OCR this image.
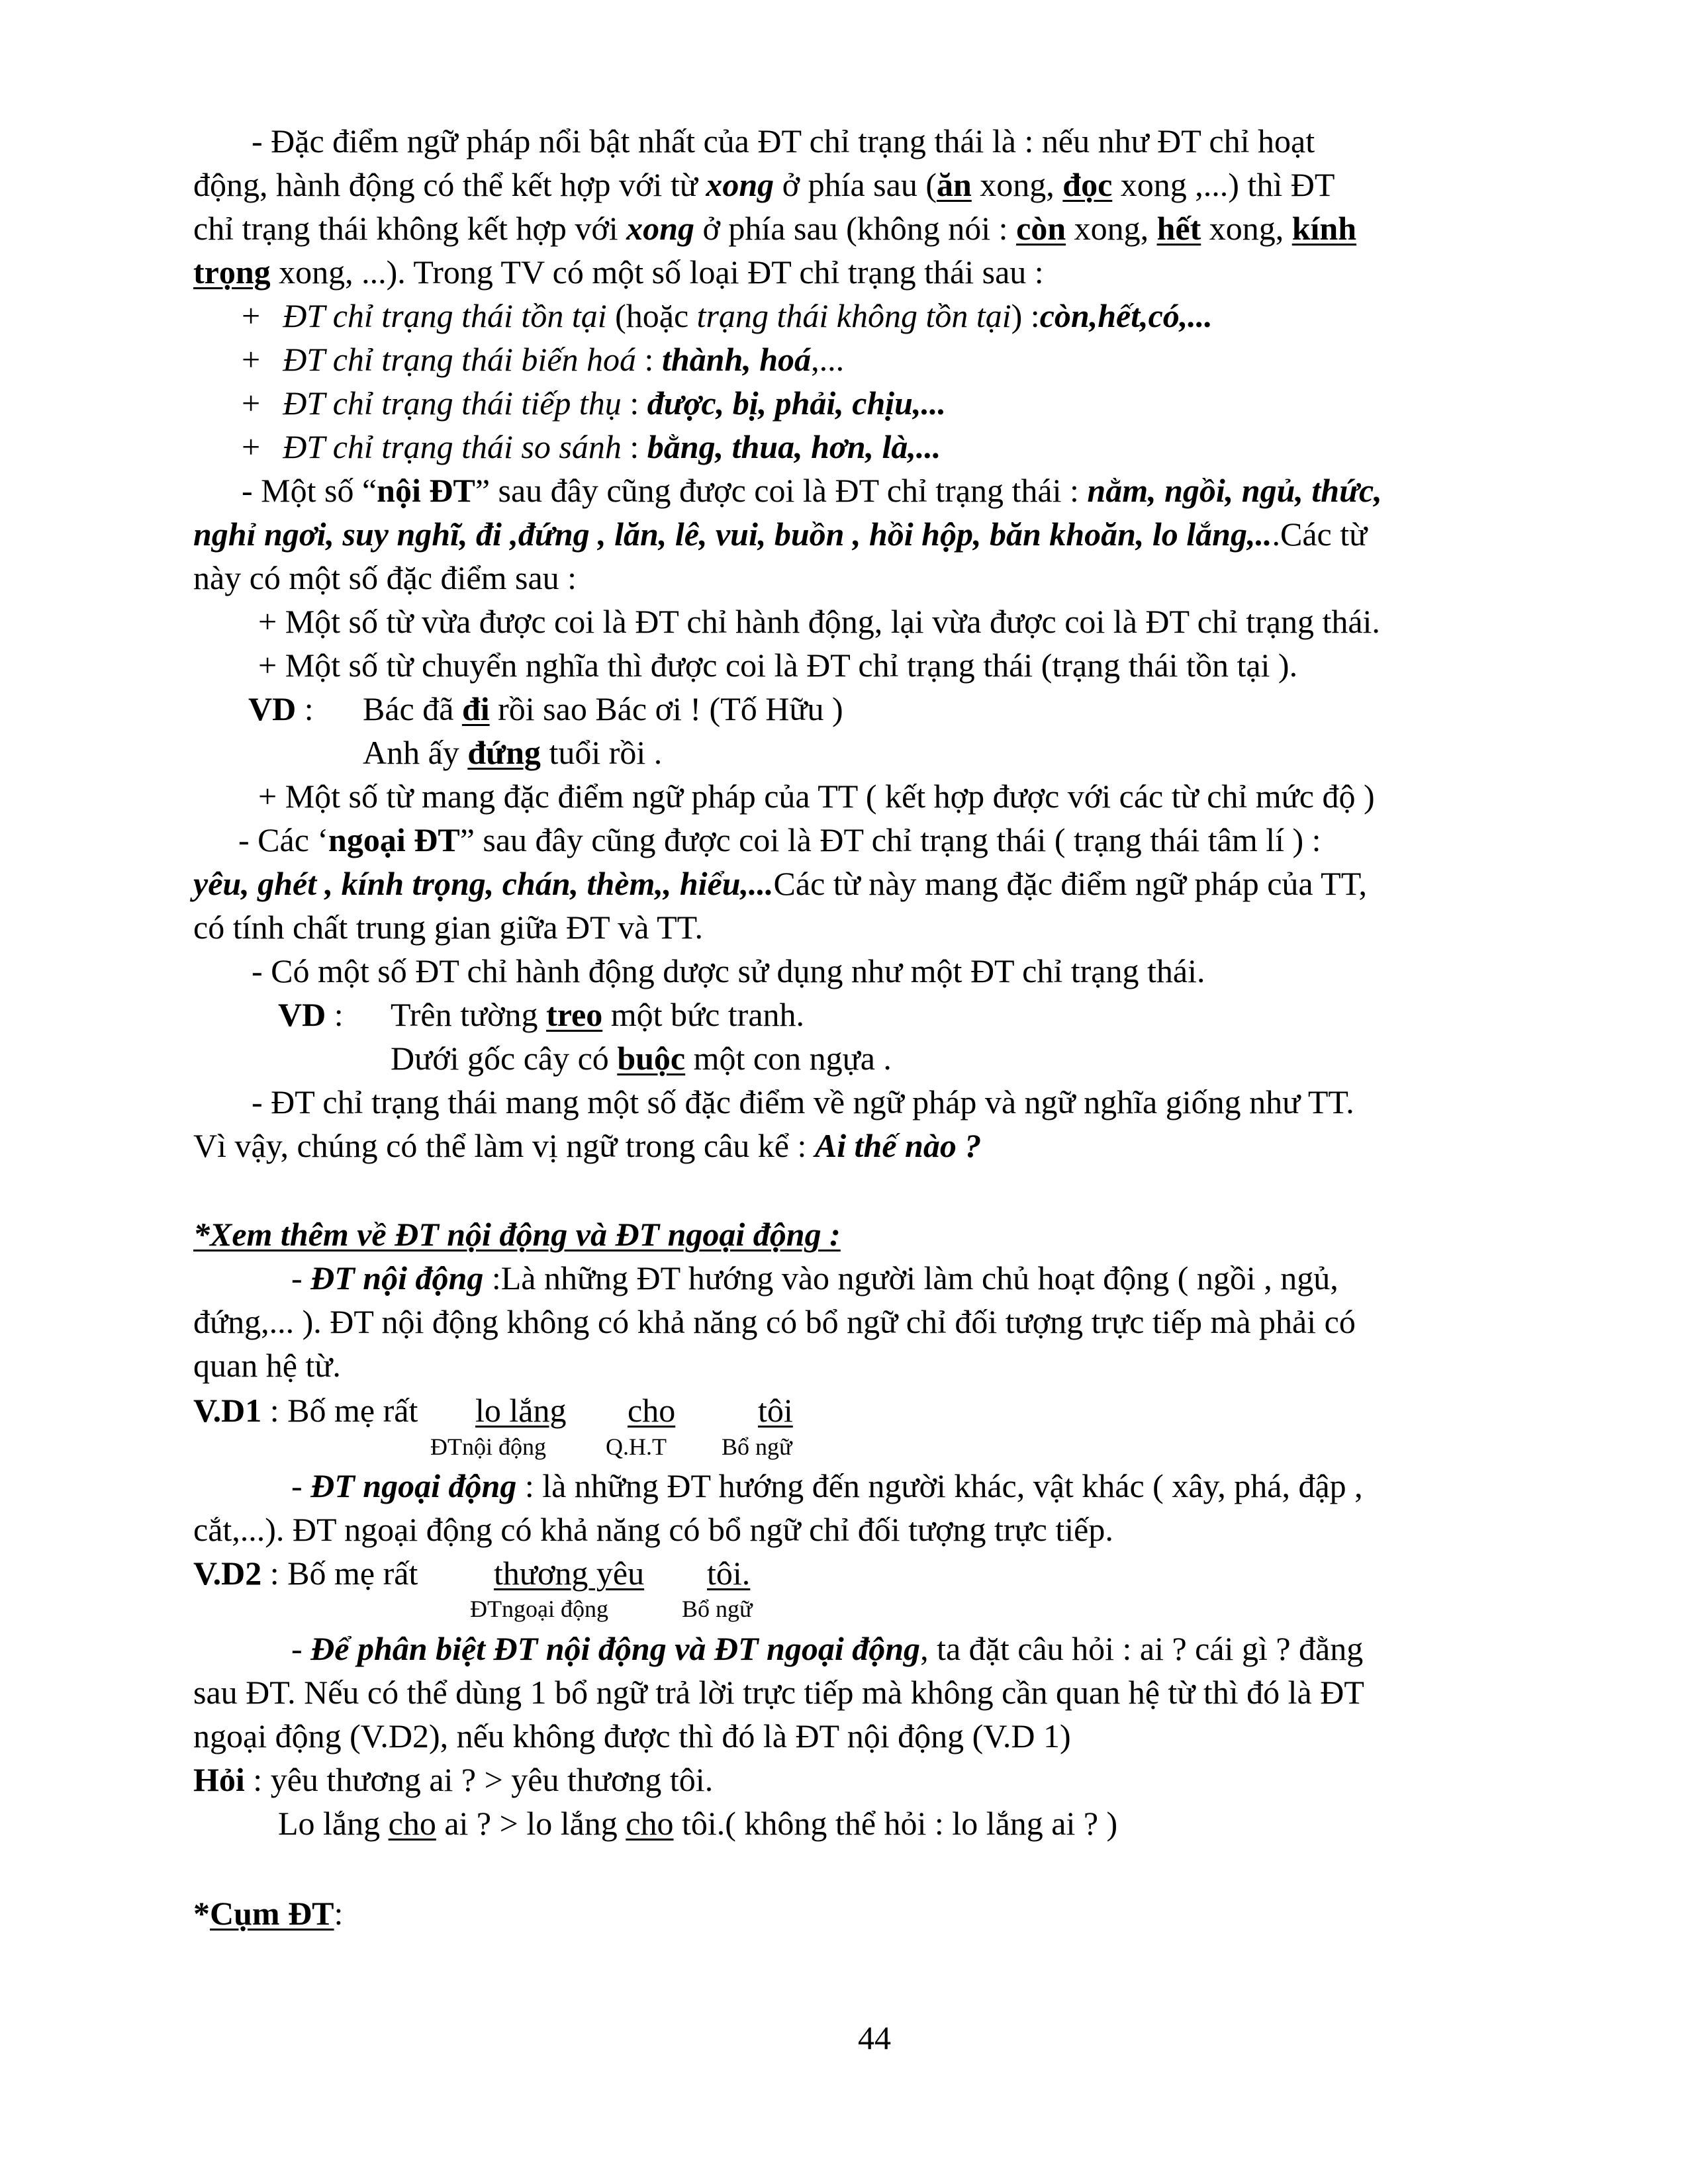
- Đặc điểm ngữ pháp nổi bật nhất của ĐT chỉ trạng thái là : nếu như ĐT chỉ hoạt
động, hành động có thể kết hợp với từ xong ở phía sau (ăn xong, đọc xong ,...) thì ĐT
chỉ trạng thái không kết hợp với xong ở phía sau (không nói : còn xong, hết xong, kính
trọng xong, ...). Trong TV có một số loại ĐT chỉ trạng thái sau :
+ ĐT chỉ trạng thái tồn tại (hoặc trạng thái không tồn tại) :còn,hết,có,...
+ ĐT chỉ trạng thái biến hoá : thành, hoá,...
+ ĐT chỉ trạng thái tiếp thụ : được, bị, phải, chịu,...
+ ĐT chỉ trạng thái so sánh : bằng, thua, hơn, là,...
- Một số “nội ĐT” sau đây cũng được coi là ĐT chỉ trạng thái : nằm, ngồi, ngủ, thức,
nghỉ ngơi, suy nghĩ, đi ,đứng , lăn, lê, vui, buồn , hồi hộp, băn khoăn, lo lắng,...Các từ
này có một số đặc điểm sau :
+ Một số từ vừa được coi là ĐT chỉ hành động, lại vừa được coi là ĐT chỉ trạng thái.
+ Một số từ chuyển nghĩa thì được coi là ĐT chỉ trạng thái (trạng thái tồn tại ).
VD : Bác đã đi rồi sao Bác ơi ! (Tố Hữu )
Anh ấy đứng tuổi rồi .
+ Một số từ mang đặc điểm ngữ pháp của TT ( kết hợp được với các từ chỉ mức độ )
- Các ‘ngoại ĐT” sau đây cũng được coi là ĐT chỉ trạng thái ( trạng thái tâm lí ) :
yêu, ghét , kính trọng, chán, thèm,, hiểu,...Các từ này mang đặc điểm ngữ pháp của TT,
có tính chất trung gian giữa ĐT và TT.
- Có một số ĐT chỉ hành động dược sử dụng như một ĐT chỉ trạng thái.
VD : Trên tường treo một bức tranh.
Dưới gốc cây có buộc một con ngựa .
- ĐT chỉ trạng thái mang một số đặc điểm về ngữ pháp và ngữ nghĩa giống như TT.
Vì vậy, chúng có thể làm vị ngữ trong câu kể : Ai thế nào ?
*Xem thêm về ĐT nội động và ĐT ngoại động :
- ĐT nội động :Là những ĐT hướng vào người làm chủ hoạt động ( ngồi , ngủ,
đứng,... ). ĐT nội động không có khả năng có bổ ngữ chỉ đối tượng trực tiếp mà phải có
quan hệ từ.
V.D1 : Bố mẹ rất lo lắng cho tôi
ĐTnội động	Q.H.T Bổ ngữ
- ĐT ngoại động : là những ĐT hướng đến người khác, vật khác ( xây, phá, đập ,
cắt,...). ĐT ngoại động có khả năng có bổ ngữ chỉ đối tượng trực tiếp.
V.D2 : Bố mẹ rất thương yêu tôi.
ĐTngoại động	Bổ ngữ
- Để phân biệt ĐT nội động và ĐT ngoại động, ta đặt câu hỏi : ai ? cái gì ? đằng
sau ĐT. Nếu có thể dùng 1 bổ ngữ trả lời trực tiếp mà không cần quan hệ từ thì đó là ĐT
ngoại động (V.D2), nếu không được thì đó là ĐT nội động (V.D 1)
Hỏi : yêu thương ai ? > yêu thương tôi.
Lo lắng cho ai ? > lo lắng cho tôi.( không thể hỏi : lo lắng ai ? )
*Cụm ĐT:
44
